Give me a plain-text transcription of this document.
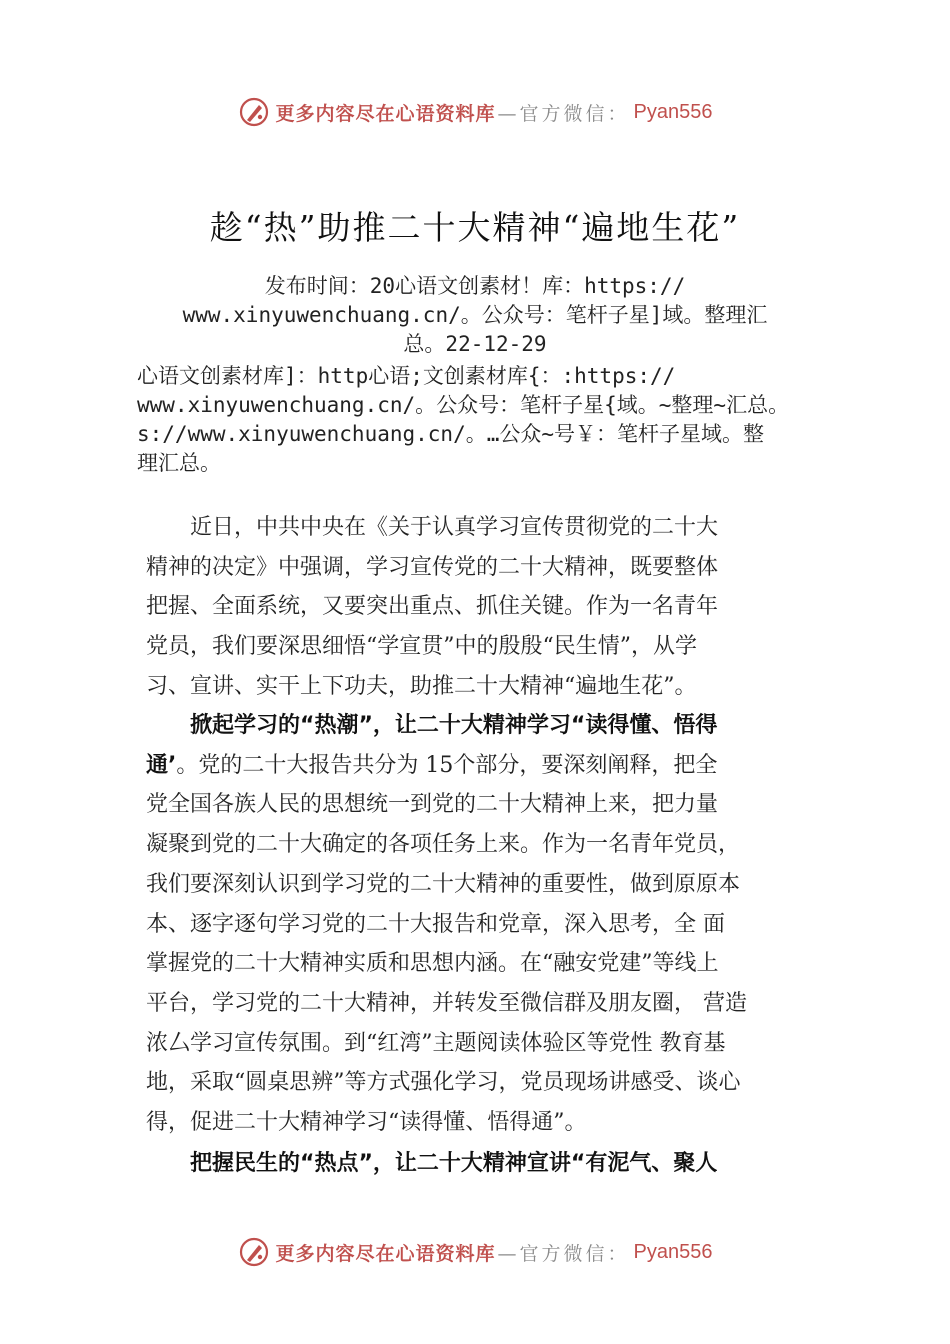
更多内容尽在心语资料库 —官方微信： Pyan556
趁“热”助推二十大精神“遍地生花”
发布时间：20心语文创素材！库：https://
www.xinyuwenchuang.cn/。公众号：笔杆子星]域。整理汇
总。22-12-29
心语文创素材库]：http心语;文创素材库{：:https://
www.xinyuwenchuang.cn/。公众号：笔杆子星{域。~整理~汇总。
s://www.xinyuwenchuang.cn/。…公众~号￥：笔杆子星域。整
理汇总。
近日，中共中央在《关于认真学习宣传贯彻党的二十大
精神的决定》中强调，学习宣传党的二十大精神，既要整体
把握、全面系统，又要突出重点、抓住关键。作为一名青年
党员，我们要深思细悟“学宣贯”中的殷殷“民生情”，从学
习、宣讲、实干上下功夫，助推二十大精神“遍地生花”。
掀起学习的“热潮”，让二十大精神学习“读得懂、悟得
通’。党的二十大报告共分为 15个部分，要深刻阐释，把全
党全国各族人民的思想统一到党的二十大精神上来，把力量
凝聚到党的二十大确定的各项任务上来。作为一名青年党员，
我们要深刻认识到学习党的二十大精神的重要性，做到原原本
本、逐字逐句学习党的二十大报告和党章，深入思考，全 面
掌握党的二十大精神实质和思想内涵。在“融安党建”等线上
平台，学习党的二十大精神，并转发至微信群及朋友圈， 营造
浓厶学习宣传氛围。到“红湾”主题阅读体验区等党性 教育基
地，采取“圆桌思辨”等方式强化学习，党员现场讲感受、谈心
得，促进二十大精神学习“读得懂、悟得通”。
把握民生的“热点”，让二十大精神宣讲“有泥气、聚人
更多内容尽在心语资料库 —官方微信： Pyan556
